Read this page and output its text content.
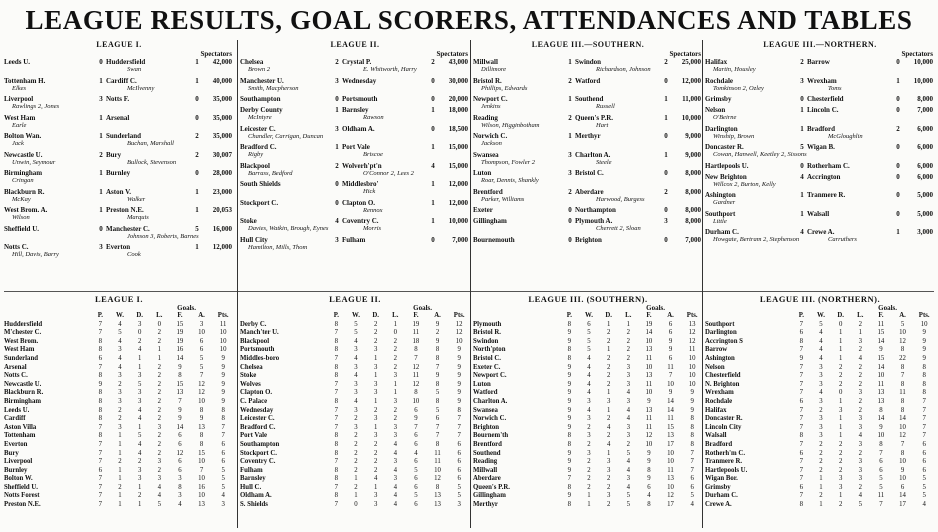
LEAGUE RESULTS, GOAL SCORERS, ATTENDANCES AND TABLES
LEAGUE I.
Spectators
Leeds U.	0 Huddersfield	1	42,000
Swan
Tottenham H.	1 Cardiff C.	1	40,000
Elkes	McIlvenny
Liverpool	3 Notts F.	0	35,000
Rawlings 2, Jones
West Ham	1 Arsenal	0	35,000
Earle
Bolton Wan.	1 Sunderland	2	35,000
Jack	Buchan, Marshall
Newcastle U.	2 Bury	2	30,007
Unwin, Seymour	Bullock, Stevenson
Birmingham	1 Burnley	0	28,000
Cringan
Blackburn R.	1 Aston V.	1	23,000
McKay	Walker
West Brom. A.	1 Preston N.E.	1	20,053
Wilson	Marquis
Sheffield U.	0 Manchester C.	5	16,000
Johnson 3, Roberts, Barnes
Notts C.	3 Everton	1	12,000
Hill, Davis, Barry	Cook
LEAGUE II.
Spectators
Chelsea	2 Crystal P.	2	43,000
Brown 2	E. Whitworth, Harry
Manchester U.	3 Wednesday	0	30,000
Smith, Macpherson
Southampton	0 Portsmouth	0	20,000
Derby County	1 Barnsley	1	18,000
McIntyre	Rawson
Leicester C.	3 Oldham A.	0	18,500
Chandler, Carrigan, Duncan
Bradford C.	1 Port Vale	1	15,000
Rigby	Briscoe
Blackpool	2 Wolverh'pt'n	4	15,000
Barrass, Bedford	O'Connor 2, Lees 2
South Shields	0 Middlesbro'	1	12,000
Hick
Stockport C.	0 Clapton O.	1	12,000
Rennox
Stoke	4 Coventry C.	1	10,000
Davies, Watkin, Brough, Eynes	Morris
Hull City	3 Fulham	0	7,000
Hamilton, Mills, Thom
LEAGUE III.—SOUTHERN.
Spectators
Millwall	1 Swindon	2	25,000
Dillimore	Richardson, Johnson
Bristol R.	2 Watford	0	12,000
Phillips, Edwards
Newport C.	1 Southend	1	11,000
Jenkins	Russell
Reading	2 Queen's P.R.	1	10,000
Wilson, Higginbotham	Hart
Norwich C.	1 Merthyr	0	9,000
Jackson
Swansea	3 Charlton A.	1	9,000
Thompson, Fowler 2	Steele
Luton	3 Bristol C.	0	8,000
Roar, Dennis, Shankly
Brentford	2 Aberdare	2	8,000
Parker, Williams	Harwood, Burgess
Exeter	0 Northampton	0	8,000
Gillingham	0 Plymouth A.	3	8,000
Cherrett 2, Sloan
Bournemouth	0 Brighton	0	7,000
LEAGUE III.—NORTHERN.
Spectators
Halifax	2 Barrow	0	10,000
Martin, Housley
Rochdale	3 Wrexham	1	10,000
Tomkinson 2, Ozley	Toms
Grimsby	0 Chesterfield	0	8,000
Nelson	1 Lincoln C.	0	7,000
O'Beirne
Darlington	1 Bradford	2	6,000
Winship, Brown	McGloughlin
Doncaster R.	5 Wigan B.	0	6,000
Cowan, Hanwell, Keetley 2, Sissons
Hartlepools U.	0 Rotherham C.	0	6,000
New Brighton	4 Accrington	0	6,000
Willcox 2, Burton, Kelly
Ashington	1 Tranmere R.	0	5,000
Gardner
Southport	1 Walsall	0	5,000
Little
Durham C.	4 Crewe A.	1	3,000
Howgate, Bertram 2, Stephenson	Carruthers
LEAGUE I.
Goals.
P.	W.	D.	L.	F.	A.	Pts.
Huddersfield	7	4	3	0	15	3	11
M'chester C.	7	5	0	2	19	10	10
West Brom.	8	4	2	2	19	6	10
West Ham	8	3	4	1	16	6	10
Sunderland	6	4	1	1	14	5	9
Arsenal	7	4	1	2	9	5	9
Notts C.	8	3	3	2	8	7	9
Newcastle U.	9	2	5	2	15	12	9
Blackburn R.	8	3	3	2	13	12	9
Birmingham	8	3	3	2	7	10	9
Leeds U.	8	2	4	2	9	8	8
Cardiff	8	2	4	2	9	9	8
Aston Villa	7	3	1	3	14	13	7
Tottenham	8	1	5	2	6	8	7
Everton	7	1	4	2	6	8	6
Bury	7	1	4	2	12	15	6
Liverpool	7	2	2	3	6	10	6
Burnley	6	1	3	2	6	7	5
Bolton W.	7	1	3	3	3	10	5
Sheffield U.	7	2	1	4	8	16	5
Notts Forest	7	1	2	4	3	10	4
Preston N.E.	7	1	1	5	4	13	3
LEAGUE II.
Goals.
P.	W.	D.	L.	F.	A.	Pts.
Derby C.	8	5	2	1	19	9	12
Manch'ter U.	7	5	2	0	11	2	12
Blackpool	8	4	2	2	18	9	10
Portsmouth	8	3	3	2	8	8	9
Middles-boro	7	4	1	2	7	8	9
Chelsea	8	3	3	2	12	7	9
Stoke	8	4	1	3	11	9	9
Wolves	7	3	3	1	12	8	9
Clapton O.	7	3	3	1	8	5	9
C. Palace	8	4	1	3	10	8	9
Wednesday	7	3	2	2	6	5	8
Leicester C.	7	2	3	2	9	6	7
Bradford C.	7	3	1	3	7	7	7
Port Vale	8	2	3	3	6	7	7
Southampton	8	2	2	4	6	8	6
Stockport C.	8	2	2	4	4	11	6
Coventry C.	7	2	2	3	6	11	6
Fulham	8	2	2	4	5	10	6
Barnsley	8	1	4	3	6	12	6
Hull C.	7	2	1	4	6	8	5
Oldham A.	8	1	3	4	5	13	5
S. Shields	7	0	3	4	6	13	3
LEAGUE III. (SOUTHERN).
Goals.
P.	W.	D.	L.	F.	A.	Pts.
Plymouth	8	6	1	1	19	6	13
Bristol R.	9	5	2	2	14	6	12
Swindon	9	5	2	2	10	9	12
North'pton	8	5	1	2	13	9	11
Bristol C.	8	4	2	2	11	6	10
Exeter C.	9	4	2	3	10	11	10
Newport C.	9	4	2	3	13	7	10
Luton	9	4	2	3	11	10	10
Watford	9	4	1	4	10	9	9
Charlton A.	9	3	3	3	9	14	9
Swansea	9	4	1	4	13	14	9
Norwich C.	9	3	2	4	11	11	8
Brighton	9	2	4	3	11	15	8
Bournem'th	8	3	2	3	12	13	8
Brentford	8	2	4	2	10	17	8
Southend	9	3	1	5	9	10	7
Reading	9	2	3	4	9	10	7
Millwall	9	2	3	4	8	11	7
Aberdare	7	2	2	3	9	13	6
Queen's P.R.	8	2	2	4	6	10	6
Gillingham	9	1	3	5	4	12	5
Merthyr	8	1	2	5	8	17	4
LEAGUE III. (NORTHERN).
Goals.
P.	W.	D.	L.	F.	A.	Pts.
Southport	7	5	0	2	11	5	10
Darlington	6	4	1	1	15	10	9
Accrington S	8	4	1	3	14	12	9
Barrow	7	4	1	2	9	8	9
Ashington	9	4	1	4	15	22	9
Nelson	7	3	2	2	14	8	8
Chesterfield	7	3	2	2	10	7	8
N. Brighton	7	3	2	2	11	8	8
Wrexham	7	4	0	3	13	11	8
Rochdale	6	3	1	2	13	8	7
Halifax	7	2	3	2	8	8	7
Doncaster R.	7	3	1	3	14	14	7
Lincoln City	7	3	1	3	9	10	7
Walsall	8	3	1	4	10	12	7
Bradford	7	2	2	3	8	7	6
Rotherh'm C.	6	2	2	2	7	8	6
Tranmere R.	7	2	2	3	6	10	6
Hartlepools U.	7	2	2	3	6	9	6
Wigan Bor.	7	1	3	3	5	10	5
Grimsby	6	1	3	2	5	6	5
Durham C.	7	2	1	4	11	14	5
Crewe A.	8	1	2	5	7	17	4
